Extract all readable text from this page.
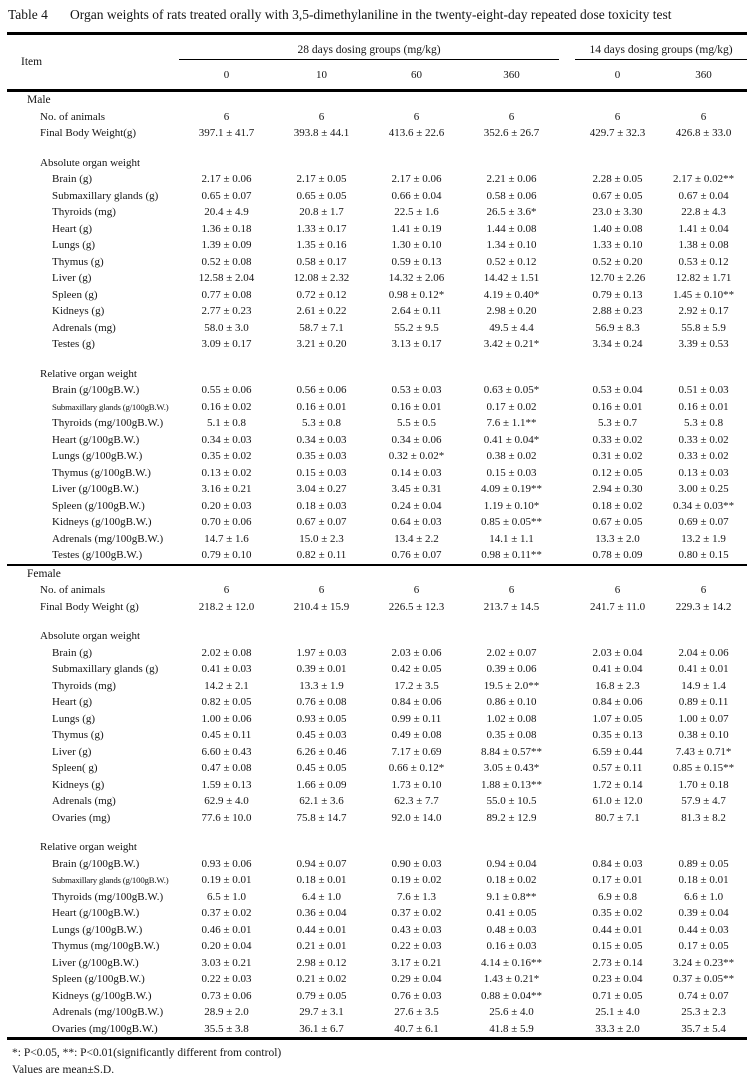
Table 4	Organ weights of rats treated orally with 3,5-dimethylaniline in the twenty-eight-day repeated dose toxicity test
Item	28 days dosing groups (mg/kg)					14 days dosing groups (mg/kg)	
	0	10	60	360		0	360
Male							
No. of animals	6	6	6	6		6	6
Final Body Weight(g)	397.1 ± 41.7	393.8 ± 44.1	413.6 ± 22.6	352.6 ± 26.7		429.7 ± 32.3	426.8 ± 33.0

Absolute organ weight							
Brain (g)	2.17 ± 0.06	2.17 ± 0.05	2.17 ± 0.06	2.21 ± 0.06		2.28 ± 0.05	2.17 ± 0.02**
Submaxillary glands (g)	0.65 ± 0.07	0.65 ± 0.05	0.66 ± 0.04	0.58 ± 0.06		0.67 ± 0.05	0.67 ± 0.04
Thyroids (mg)	20.4 ± 4.9	20.8 ± 1.7	22.5 ± 1.6	26.5 ± 3.6*		23.0 ± 3.30	22.8 ± 4.3
Heart (g)	1.36 ± 0.18	1.33 ± 0.17	1.41 ± 0.19	1.44 ± 0.08		1.40 ± 0.08	1.41 ± 0.04
Lungs (g)	1.39 ± 0.09	1.35 ± 0.16	1.30 ± 0.10	1.34 ± 0.10		1.33 ± 0.10	1.38 ± 0.08
Thymus (g)	0.52 ± 0.08	0.58 ± 0.17	0.59 ± 0.13	0.52 ± 0.12		0.52 ± 0.20	0.53 ± 0.12
Liver (g)	12.58 ± 2.04	12.08 ± 2.32	14.32 ± 2.06	14.42 ± 1.51		12.70 ± 2.26	12.82 ± 1.71
Spleen (g)	0.77 ± 0.08	0.72 ± 0.12	0.98 ± 0.12*	4.19 ± 0.40*		0.79 ± 0.13	1.45 ± 0.10**
Kidneys (g)	2.77 ± 0.23	2.61 ± 0.22	2.64 ± 0.11	2.98 ± 0.20		2.88 ± 0.23	2.92 ± 0.17
Adrenals (mg)	58.0 ± 3.0	58.7 ± 7.1	55.2 ± 9.5	49.5 ± 4.4		56.9 ± 8.3	55.8 ± 5.9
Testes (g)	3.09 ± 0.17	3.21 ± 0.20	3.13 ± 0.17	3.42 ± 0.21*		3.34 ± 0.24	3.39 ± 0.53

Relative organ weight							
Brain (g/100gB.W.)	0.55 ± 0.06	0.56 ± 0.06	0.53 ± 0.03	0.63 ± 0.05*		0.53 ± 0.04	0.51 ± 0.03
Submaxillary glands (g/100gB.W.)	0.16 ± 0.02	0.16 ± 0.01	0.16 ± 0.01	0.17 ± 0.02		0.16 ± 0.01	0.16 ± 0.01
Thyroids (mg/100gB.W.)	5.1 ± 0.8	5.3 ± 0.8	5.5 ± 0.5	7.6 ± 1.1**		5.3 ± 0.7	5.3 ± 0.8
Heart (g/100gB.W.)	0.34 ± 0.03	0.34 ± 0.03	0.34 ± 0.06	0.41 ± 0.04*		0.33 ± 0.02	0.33 ± 0.02
Lungs (g/100gB.W.)	0.35 ± 0.02	0.35 ± 0.03	0.32 ± 0.02*	0.38 ± 0.02		0.31 ± 0.02	0.33 ± 0.02
Thymus (g/100gB.W.)	0.13 ± 0.02	0.15 ± 0.03	0.14 ± 0.03	0.15 ± 0.03		0.12 ± 0.05	0.13 ± 0.03
Liver (g/100gB.W.)	3.16 ± 0.21	3.04 ± 0.27	3.45 ± 0.31	4.09 ± 0.19**		2.94 ± 0.30	3.00 ± 0.25
Spleen (g/100gB.W.)	0.20 ± 0.03	0.18 ± 0.03	0.24 ± 0.04	1.19 ± 0.10*		0.18 ± 0.02	0.34 ± 0.03**
Kidneys (g/100gB.W.)	0.70 ± 0.06	0.67 ± 0.07	0.64 ± 0.03	0.85 ± 0.05**		0.67 ± 0.05	0.69 ± 0.07
Adrenals (mg/100gB.W.)	14.7 ± 1.6	15.0 ± 2.3	13.4 ± 2.2	14.1 ± 1.1		13.3 ± 2.0	13.2 ± 1.9
Testes (g/100gB.W.)	0.79 ± 0.10	0.82 ± 0.11	0.76 ± 0.07	0.98 ± 0.11**		0.78 ± 0.09	0.80 ± 0.15
Female							
No. of animals	6	6	6	6		6	6
Final Body Weight (g)	218.2 ± 12.0	210.4 ± 15.9	226.5 ± 12.3	213.7 ± 14.5		241.7 ± 11.0	229.3 ± 14.2

Absolute organ weight							
Brain (g)	2.02 ± 0.08	1.97 ± 0.03	2.03 ± 0.06	2.02 ± 0.07		2.03 ± 0.04	2.04 ± 0.06
Submaxillary glands (g)	0.41 ± 0.03	0.39 ± 0.01	0.42 ± 0.05	0.39 ± 0.06		0.41 ± 0.04	0.41 ± 0.01
Thyroids (mg)	14.2 ± 2.1	13.3 ± 1.9	17.2 ± 3.5	19.5 ± 2.0**		16.8 ± 2.3	14.9 ± 1.4
Heart (g)	0.82 ± 0.05	0.76 ± 0.08	0.84 ± 0.06	0.86 ± 0.10		0.84 ± 0.06	0.89 ± 0.11
Lungs (g)	1.00 ± 0.06	0.93 ± 0.05	0.99 ± 0.11	1.02 ± 0.08		1.07 ± 0.05	1.00 ± 0.07
Thymus (g)	0.45 ± 0.11	0.45 ± 0.03	0.49 ± 0.08	0.35 ± 0.08		0.35 ± 0.13	0.38 ± 0.10
Liver (g)	6.60 ± 0.43	6.26 ± 0.46	7.17 ± 0.69	8.84 ± 0.57**		6.59 ± 0.44	7.43 ± 0.71*
Spleen( g)	0.47 ± 0.08	0.45 ± 0.05	0.66 ± 0.12*	3.05 ± 0.43*		0.57 ± 0.11	0.85 ± 0.15**
Kidneys (g)	1.59 ± 0.13	1.66 ± 0.09	1.73 ± 0.10	1.88 ± 0.13**		1.72 ± 0.14	1.70 ± 0.18
Adrenals (mg)	62.9 ± 4.0	62.1 ± 3.6	62.3 ± 7.7	55.0 ± 10.5		61.0 ± 12.0	57.9 ± 4.7
Ovaries (mg)	77.6 ± 10.0	75.8 ± 14.7	92.0 ± 14.0	89.2 ± 12.9		80.7 ± 7.1	81.3 ± 8.2

Relative organ weight							
Brain (g/100gB.W.)	0.93 ± 0.06	0.94 ± 0.07	0.90 ± 0.03	0.94 ± 0.04		0.84 ± 0.03	0.89 ± 0.05
Submaxillary glands (g/100gB.W.)	0.19 ± 0.01	0.18 ± 0.01	0.19 ± 0.02	0.18 ± 0.02		0.17 ± 0.01	0.18 ± 0.01
Thyroids (mg/100gB.W.)	6.5 ± 1.0	6.4 ± 1.0	7.6 ± 1.3	9.1 ± 0.8**		6.9 ± 0.8	6.6 ± 1.0
Heart (g/100gB.W.)	0.37 ± 0.02	0.36 ± 0.04	0.37 ± 0.02	0.41 ± 0.05		0.35 ± 0.02	0.39 ± 0.04
Lungs (g/100gB.W.)	0.46 ± 0.01	0.44 ± 0.01	0.43 ± 0.03	0.48 ± 0.03		0.44 ± 0.01	0.44 ± 0.03
Thymus (mg/100gB.W.)	0.20 ± 0.04	0.21 ± 0.01	0.22 ± 0.03	0.16 ± 0.03		0.15 ± 0.05	0.17 ± 0.05
Liver (g/100gB.W.)	3.03 ± 0.21	2.98 ± 0.12	3.17 ± 0.21	4.14 ± 0.16**		2.73 ± 0.14	3.24 ± 0.23**
Spleen (g/100gB.W.)	0.22 ± 0.03	0.21 ± 0.02	0.29 ± 0.04	1.43 ± 0.21*		0.23 ± 0.04	0.37 ± 0.05**
Kidneys (g/100gB.W.)	0.73 ± 0.06	0.79 ± 0.05	0.76 ± 0.03	0.88 ± 0.04**		0.71 ± 0.05	0.74 ± 0.07
Adrenals (mg/100gB.W.)	28.9 ± 2.0	29.7 ± 3.1	27.6 ± 3.5	25.6 ± 4.0		25.1 ± 4.0	25.3 ± 2.3
Ovaries (mg/100gB.W.)	35.5 ± 3.8	36.1 ± 6.7	40.7 ± 6.1	41.8 ± 5.9		33.3 ± 2.0	35.7 ± 5.4
*: P<0.05, **: P<0.01(significantly different from control)
Values are mean±S.D.
